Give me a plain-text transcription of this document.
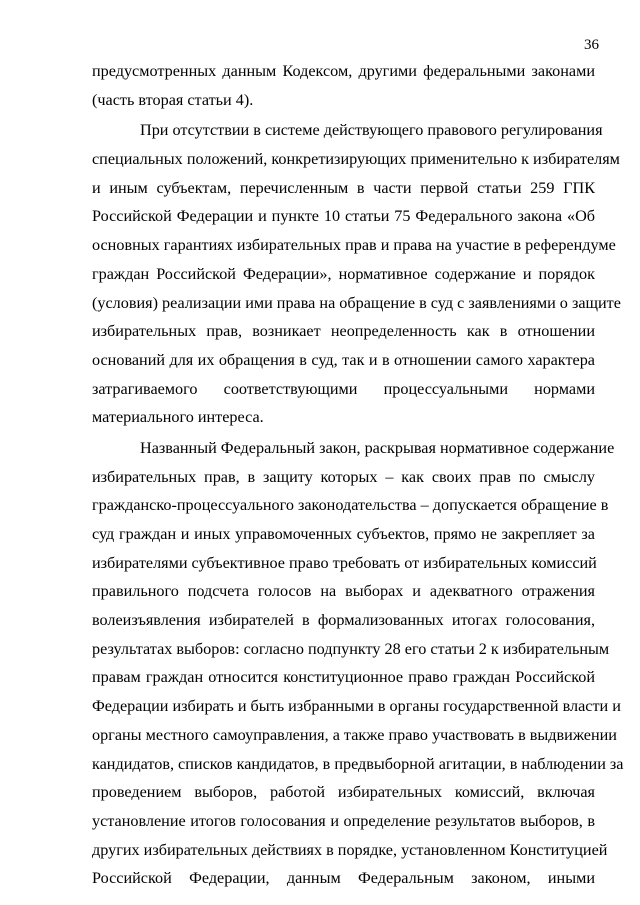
36
предусмотренных данным Кодексом, другими федеральными законами
(часть вторая статьи 4).
При отсутствии в системе действующего правового регулирования
специальных положений, конкретизирующих применительно к избирателям
и иным субъектам, перечисленным в части первой статьи 259 ГПК
Российской Федерации и пункте 10 статьи 75 Федерального закона «Об
основных гарантиях избирательных прав и права на участие в референдуме
граждан Российской Федерации», нормативное содержание и порядок
(условия) реализации ими права на обращение в суд с заявлениями о защите
избирательных прав, возникает неопределенность как в отношении
оснований для их обращения в суд, так и в отношении самого характера
затрагиваемого соответствующими процессуальными нормами
материального интереса.
Названный Федеральный закон, раскрывая нормативное содержание
избирательных прав, в защиту которых – как своих прав по смыслу
гражданско-процессуального законодательства – допускается обращение в
суд граждан и иных управомоченных субъектов, прямо не закрепляет за
избирателями субъективное право требовать от избирательных комиссий
правильного подсчета голосов на выборах и адекватного отражения
волеизъявления избирателей в формализованных итогах голосования,
результатах выборов: согласно подпункту 28 его статьи 2 к избирательным
правам граждан относится конституционное право граждан Российской
Федерации избирать и быть избранными в органы государственной власти и
органы местного самоуправления, а также право участвовать в выдвижении
кандидатов, списков кандидатов, в предвыборной агитации, в наблюдении за
проведением выборов, работой избирательных комиссий, включая
установление итогов голосования и определение результатов выборов, в
других избирательных действиях в порядке, установленном Конституцией
Российской Федерации, данным Федеральным законом, иными
